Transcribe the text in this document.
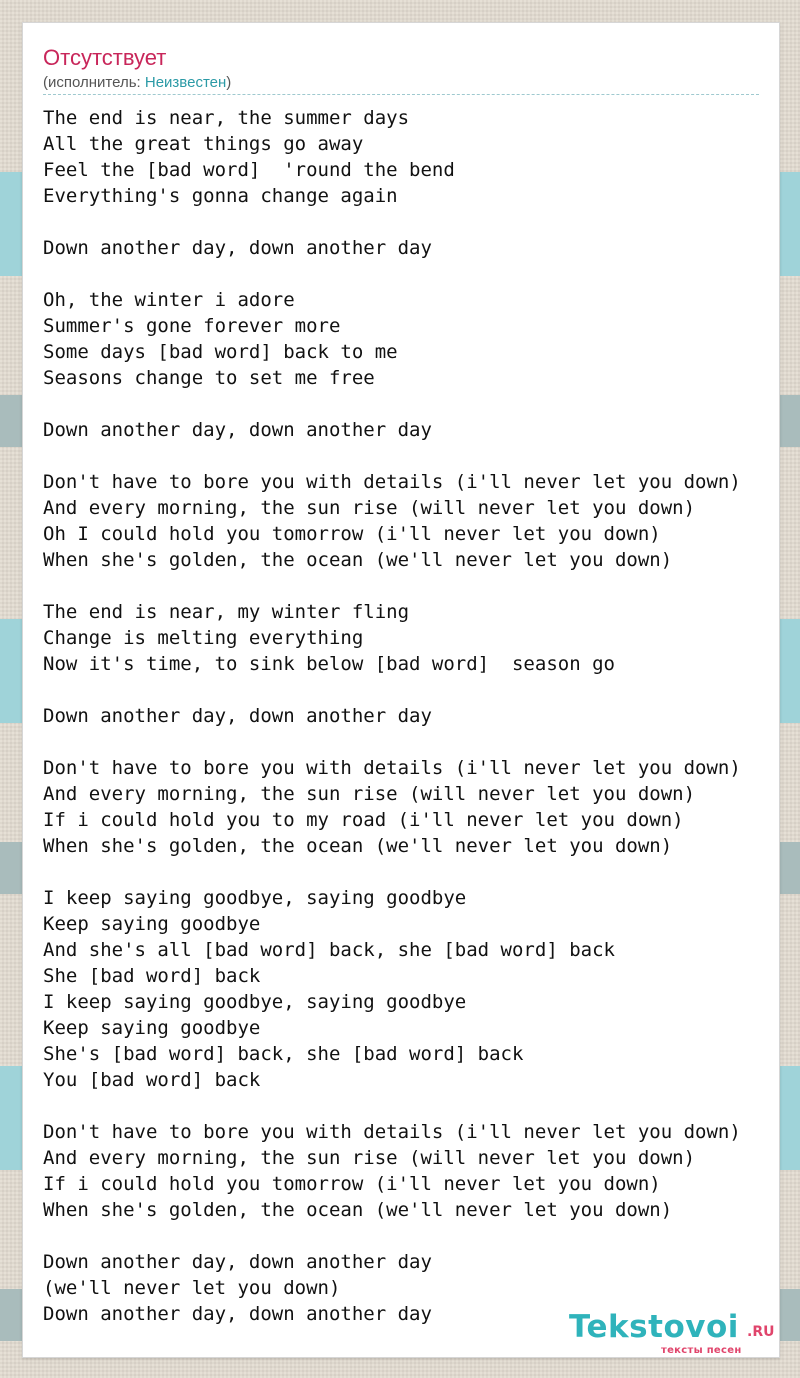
Отсутствует
(исполнитель: Неизвестен)
The end is near, the summer days
All the great things go away
Feel the [bad word]  'round the bend
Everything's gonna change again

Down another day, down another day

Oh, the winter i adore
Summer's gone forever more
Some days [bad word] back to me
Seasons change to set me free

Down another day, down another day

Don't have to bore you with details (i'll never let you down)
And every morning, the sun rise (will never let you down)
Oh I could hold you tomorrow (i'll never let you down)
When she's golden, the ocean (we'll never let you down)

The end is near, my winter fling
Change is melting everything
Now it's time, to sink below [bad word]  season go

Down another day, down another day

Don't have to bore you with details (i'll never let you down)
And every morning, the sun rise (will never let you down)
If i could hold you to my road (i'll never let you down)
When she's golden, the ocean (we'll never let you down)

I keep saying goodbye, saying goodbye
Keep saying goodbye
And she's all [bad word] back, she [bad word] back
She [bad word] back
I keep saying goodbye, saying goodbye
Keep saying goodbye
She's [bad word] back, she [bad word] back
You [bad word] back

Don't have to bore you with details (i'll never let you down)
And every morning, the sun rise (will never let you down)
If i could hold you tomorrow (i'll never let you down)
When she's golden, the ocean (we'll never let you down)

Down another day, down another day
(we'll never let you down)
Down another day, down another day	Tekstovoi .RU
тексты песен
